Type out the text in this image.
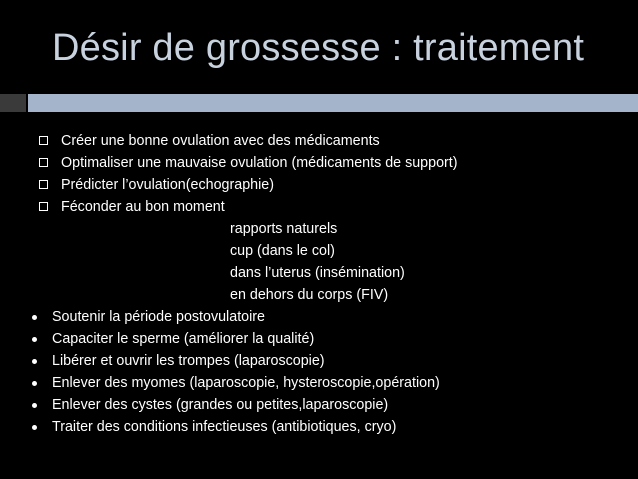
Désir de grossesse : traitement
Créer une bonne ovulation avec des médicaments
Optimaliser une mauvaise ovulation (médicaments de support)
Prédicter l’ovulation(echographie)
Féconder au bon moment
rapports naturels
cup (dans le col)
dans l’uterus (insémination)
en dehors du corps (FIV)
Soutenir la période postovulatoire
Capaciter le sperme (améliorer la qualité)
Libérer et ouvrir les trompes (laparoscopie)
Enlever des myomes (laparoscopie, hysteroscopie,opération)
Enlever des cystes (grandes ou petites,laparoscopie)
Traiter des conditions infectieuses (antibiotiques, cryo)
